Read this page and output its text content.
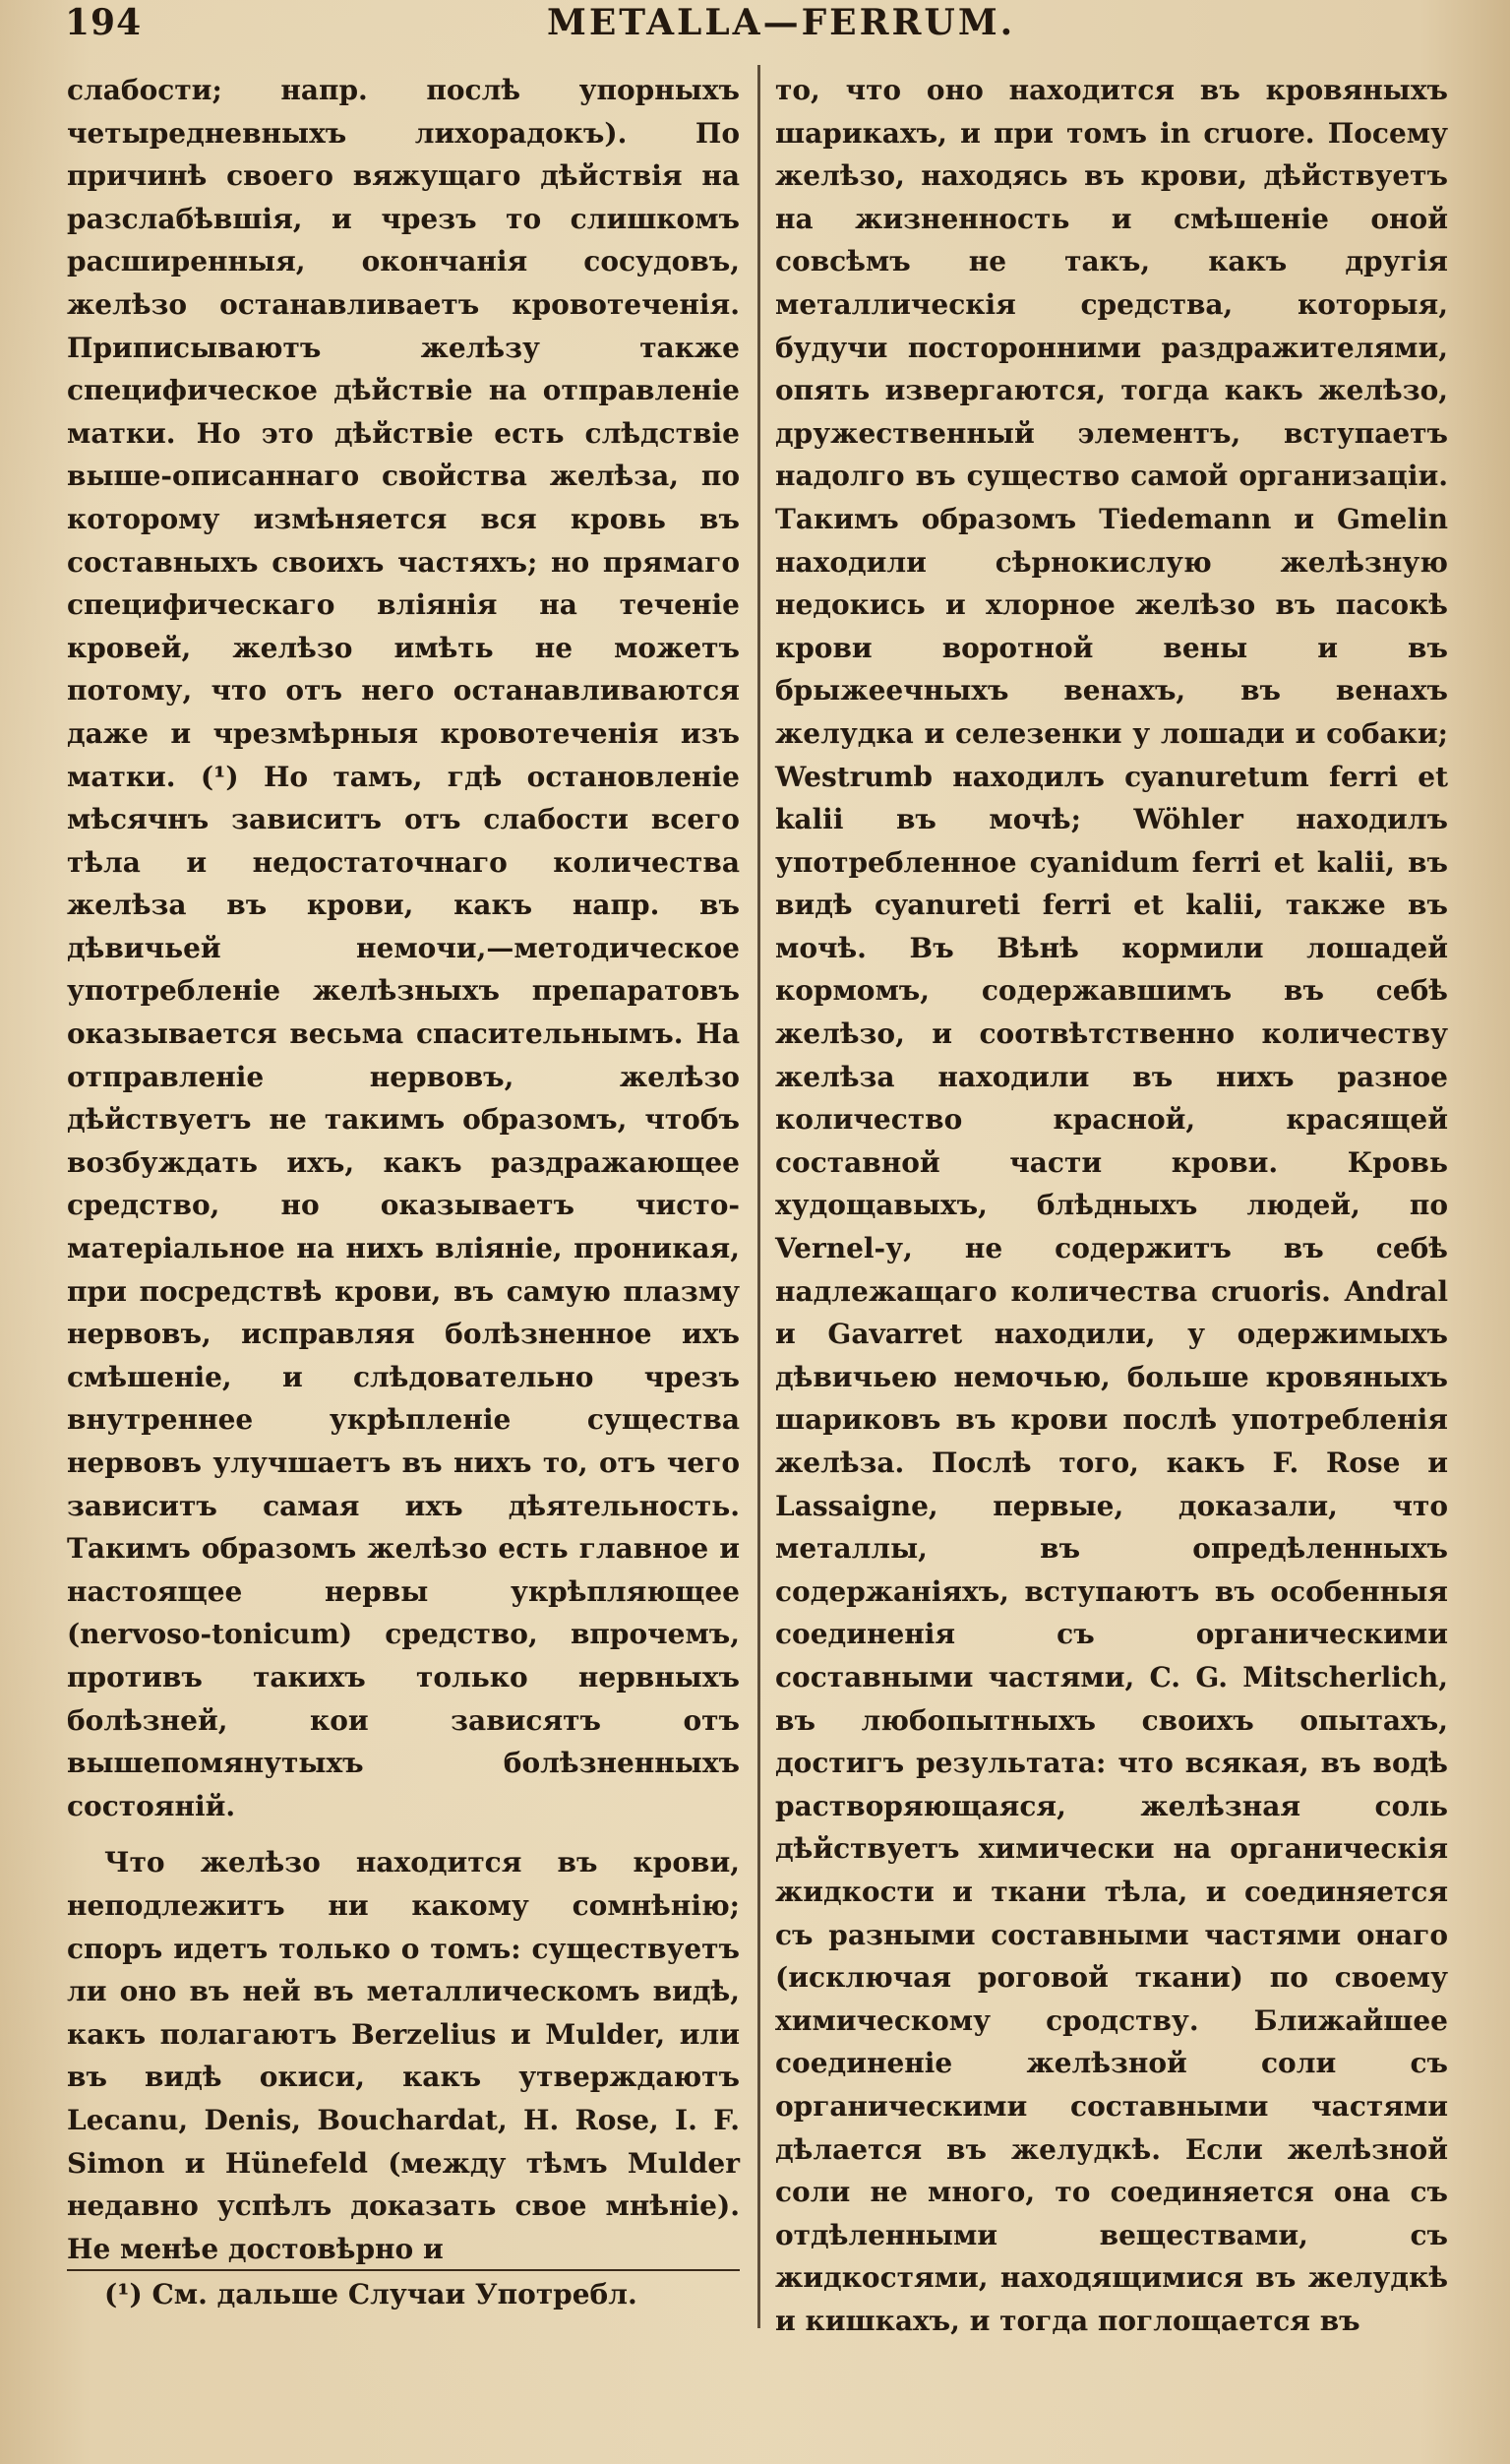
194	METALLA—FERRUM.

слабости; напр. послѣ упорныхъ четыредневныхъ лихорадокъ). По причинѣ своего вяжущаго дѣйствія на разслабѣвшія, и чрезъ то слишкомъ расширенныя, окончанія сосудовъ, желѣзо останавливаетъ кровотеченія. Приписываютъ желѣзу также специфическое дѣйствіе на отправленіе матки. Но это дѣйствіе есть слѣдствіе выше-описаннаго свойства желѣза, по которому измѣняется вся кровь въ составныхъ своихъ частяхъ; но прямаго специфическаго вліянія на теченіе кровей, желѣзо имѣть не можетъ потому, что отъ него останавливаются даже и чрезмѣрныя кровотеченія изъ матки. (¹) Но тамъ, гдѣ остановленіе мѣсячнъ зависитъ отъ слабости всего тѣла и недостаточнаго количества желѣза въ крови, какъ напр. въ дѣвичьей немочи,—методическое употребленіе желѣзныхъ препаратовъ оказывается весьма спасительнымъ. На отправленіе нервовъ, желѣзо дѣйствуетъ не такимъ образомъ, чтобъ возбуждать ихъ, какъ раздражающее средство, но оказываетъ чисто-матеріальное на нихъ вліяніе, проникая, при посредствѣ крови, въ самую плазму нервовъ, исправляя болѣзненное ихъ смѣшеніе, и слѣдовательно чрезъ внутреннее укрѣпленіе существа нервовъ улучшаетъ въ нихъ то, отъ чего зависитъ самая ихъ дѣятельность. Такимъ образомъ желѣзо есть главное и настоящее нервы укрѣпляющее (nervoso-tonicum) средство, впрочемъ, противъ такихъ только нервныхъ болѣзней, кои зависятъ отъ вышепомянутыхъ болѣзненныхъ состояній.

Что желѣзо находится въ крови, неподлежитъ ни какому сомнѣнію; споръ идетъ только о томъ: существуетъ ли оно въ ней въ металлическомъ видѣ, какъ полагаютъ Berzelius и Mulder, или въ видѣ окиси, какъ утверждаютъ Lecanu, Denis, Bouchardat, H. Rose, I. F. Simon и Hünefeld (между тѣмъ Mulder недавно успѣлъ доказать свое мнѣніе). Не менѣе достовѣрно и

то, что оно находится въ кровяныхъ шарикахъ, и при томъ in cruore. Посему желѣзо, находясь въ крови, дѣйствуетъ на жизненность и смѣшеніе оной совсѣмъ не такъ, какъ другія металлическія средства, которыя, будучи посторонними раздражителями, опять извергаются, тогда какъ желѣзо, дружественный элементъ, вступаетъ надолго въ существо самой организаціи. Такимъ образомъ Tiedemann и Gmelin находили сѣрнокислую желѣзную недокись и хлорное желѣзо въ пасокѣ крови воротной вены и въ брыжеечныхъ венахъ, въ венахъ желудка и селезенки у лошади и собаки; Westrumb находилъ cyanuretum ferri et kalii въ мочѣ; Wöhler находилъ употребленное cyanidum ferri et kalii, въ видѣ cyanureti ferri et kalii, также въ мочѣ. Въ Вѣнѣ кормили лошадей кормомъ, содержавшимъ въ себѣ желѣзо, и соотвѣтственно количеству желѣза находили въ нихъ разное количество красной, красящей составной части крови. Кровь худощавыхъ, блѣдныхъ людей, по Vernel-у, не содержитъ въ себѣ надлежащаго количества cruoris. Andral и Gavarret находили, у одержимыхъ дѣвичьею немочью, больше кровяныхъ шариковъ въ крови послѣ употребленія желѣза. Послѣ того, какъ F. Rose и Lassaigne, первые, доказали, что металлы, въ опредѣленныхъ содержаніяхъ, вступаютъ въ особенныя соединенія съ органическими составными частями, C. G. Mitscherlich, въ любопытныхъ своихъ опытахъ, достигъ результата: что всякая, въ водѣ растворяющаяся, желѣзная соль дѣйствуетъ химически на органическія жидкости и ткани тѣла, и соединяется съ разными составными частями онаго (исключая роговой ткани) по своему химическому сродству. Ближайшее соединеніе желѣзной соли съ органическими составными частями дѣлается въ желудкѣ. Если желѣзной соли не много, то соединяется она съ отдѣленными веществами, съ жидкостями, находящимися въ желудкѣ и кишкахъ, и тогда поглощается въ

(¹) См. дальше Случаи Употребл.
